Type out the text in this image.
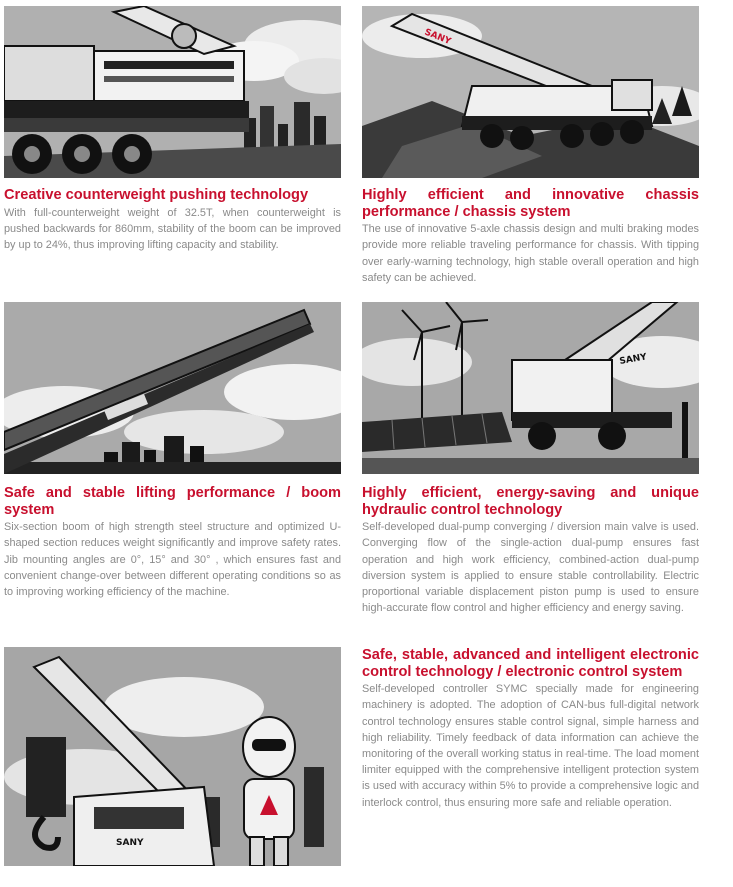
Creative counterweight pushing technology

With full-counterweight weight of 32.5T, when counterweight is pushed backwards for 860mm, stability of the boom can be improved by up to 24%, thus improving lifting capacity and stability.

SANY
Highly efficient and innovative chassis performance / chassis system

The use of innovative 5-axle chassis design and multi braking modes provide more reliable traveling performance for chassis. With tipping over early-warning technology, high stable overall operation and high safety can be achieved.

Safe and stable lifting performance / boom system

Six-section boom of high strength steel structure and optimized U-shaped section reduces weight significantly and improve safety rates. Jib mounting angles are 0°, 15° and 30° , which ensures fast and convenient change-over between different operating conditions so as to improving working efficiency of the machine.

SANY
Highly efficient, energy-saving and unique hydraulic control technology

Self-developed dual-pump converging / diversion main valve is used. Converging flow of the single-action dual-pump ensures fast operation and high work efficiency, combined-action dual-pump diversion system is applied to ensure stable controllability. Electric proportional variable displacement piston pump is used to ensure high-accurate flow control and higher efficiency and energy saving.

SANY
Safe, stable, advanced and intelligent electronic control technology / electronic control system

Self-developed controller SYMC specially made for engineering machinery is adopted. The adoption of CAN-bus full-digital network control technology ensures stable control signal, simple harness and high reliability. Timely feedback of data information can achieve the monitoring of the overall working status in real-time. The load moment limiter equipped with the comprehensive intelligent protection system is used with accuracy within 5% to provide a comprehensive logic and interlock control, thus ensuring more safe and reliable operation.
